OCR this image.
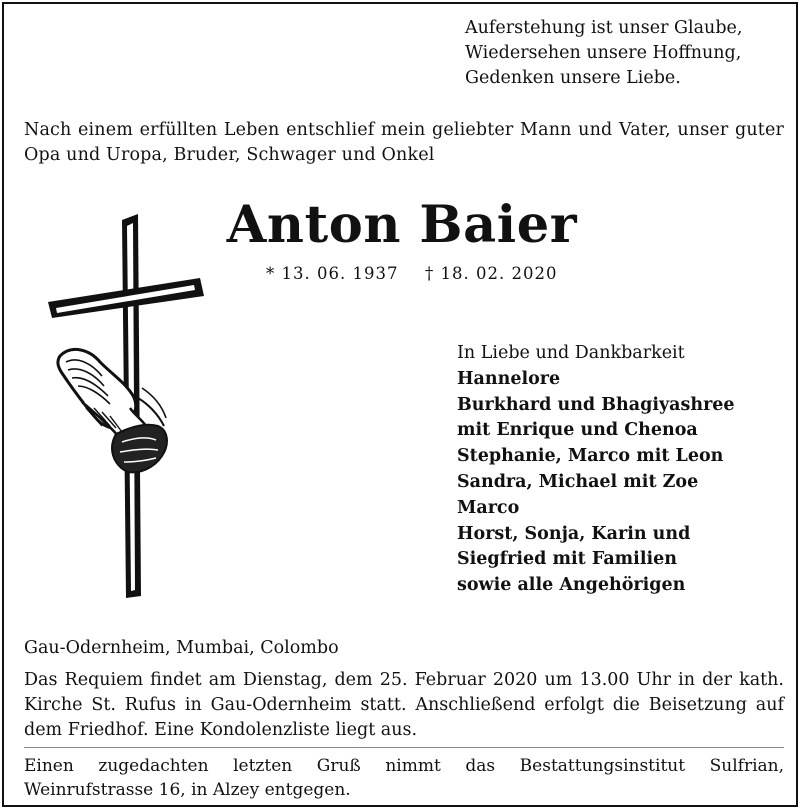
Auferstehung ist unser Glaube,
Wiedersehen unsere Hoffnung,
Gedenken unsere Liebe.
Nach einem erfüllten Leben entschlief mein geliebter Mann und Vater, unser guter Opa und Uropa, Bruder, Schwager und Onkel
Anton Baier
* 13. 06. 1937 † 18. 02. 2020
In Liebe und Dankbarkeit
Hannelore
Burkhard und Bhagiyashree
mit Enrique und Chenoa
Stephanie, Marco mit Leon
Sandra, Michael mit Zoe
Marco
Horst, Sonja, Karin und
Siegfried mit Familien
sowie alle Angehörigen
Gau-Odernheim, Mumbai, Colombo
Das Requiem findet am Dienstag, dem 25. Februar 2020 um 13.00 Uhr in der kath. Kirche St. Rufus in Gau-Odernheim statt. Anschließend erfolgt die Beisetzung auf dem Friedhof. Eine Kondolenzliste liegt aus.
Einen zugedachten letzten Gruß nimmt das Bestattungsinstitut Sulfrian, Weinrufstrasse 16, in Alzey entgegen.
